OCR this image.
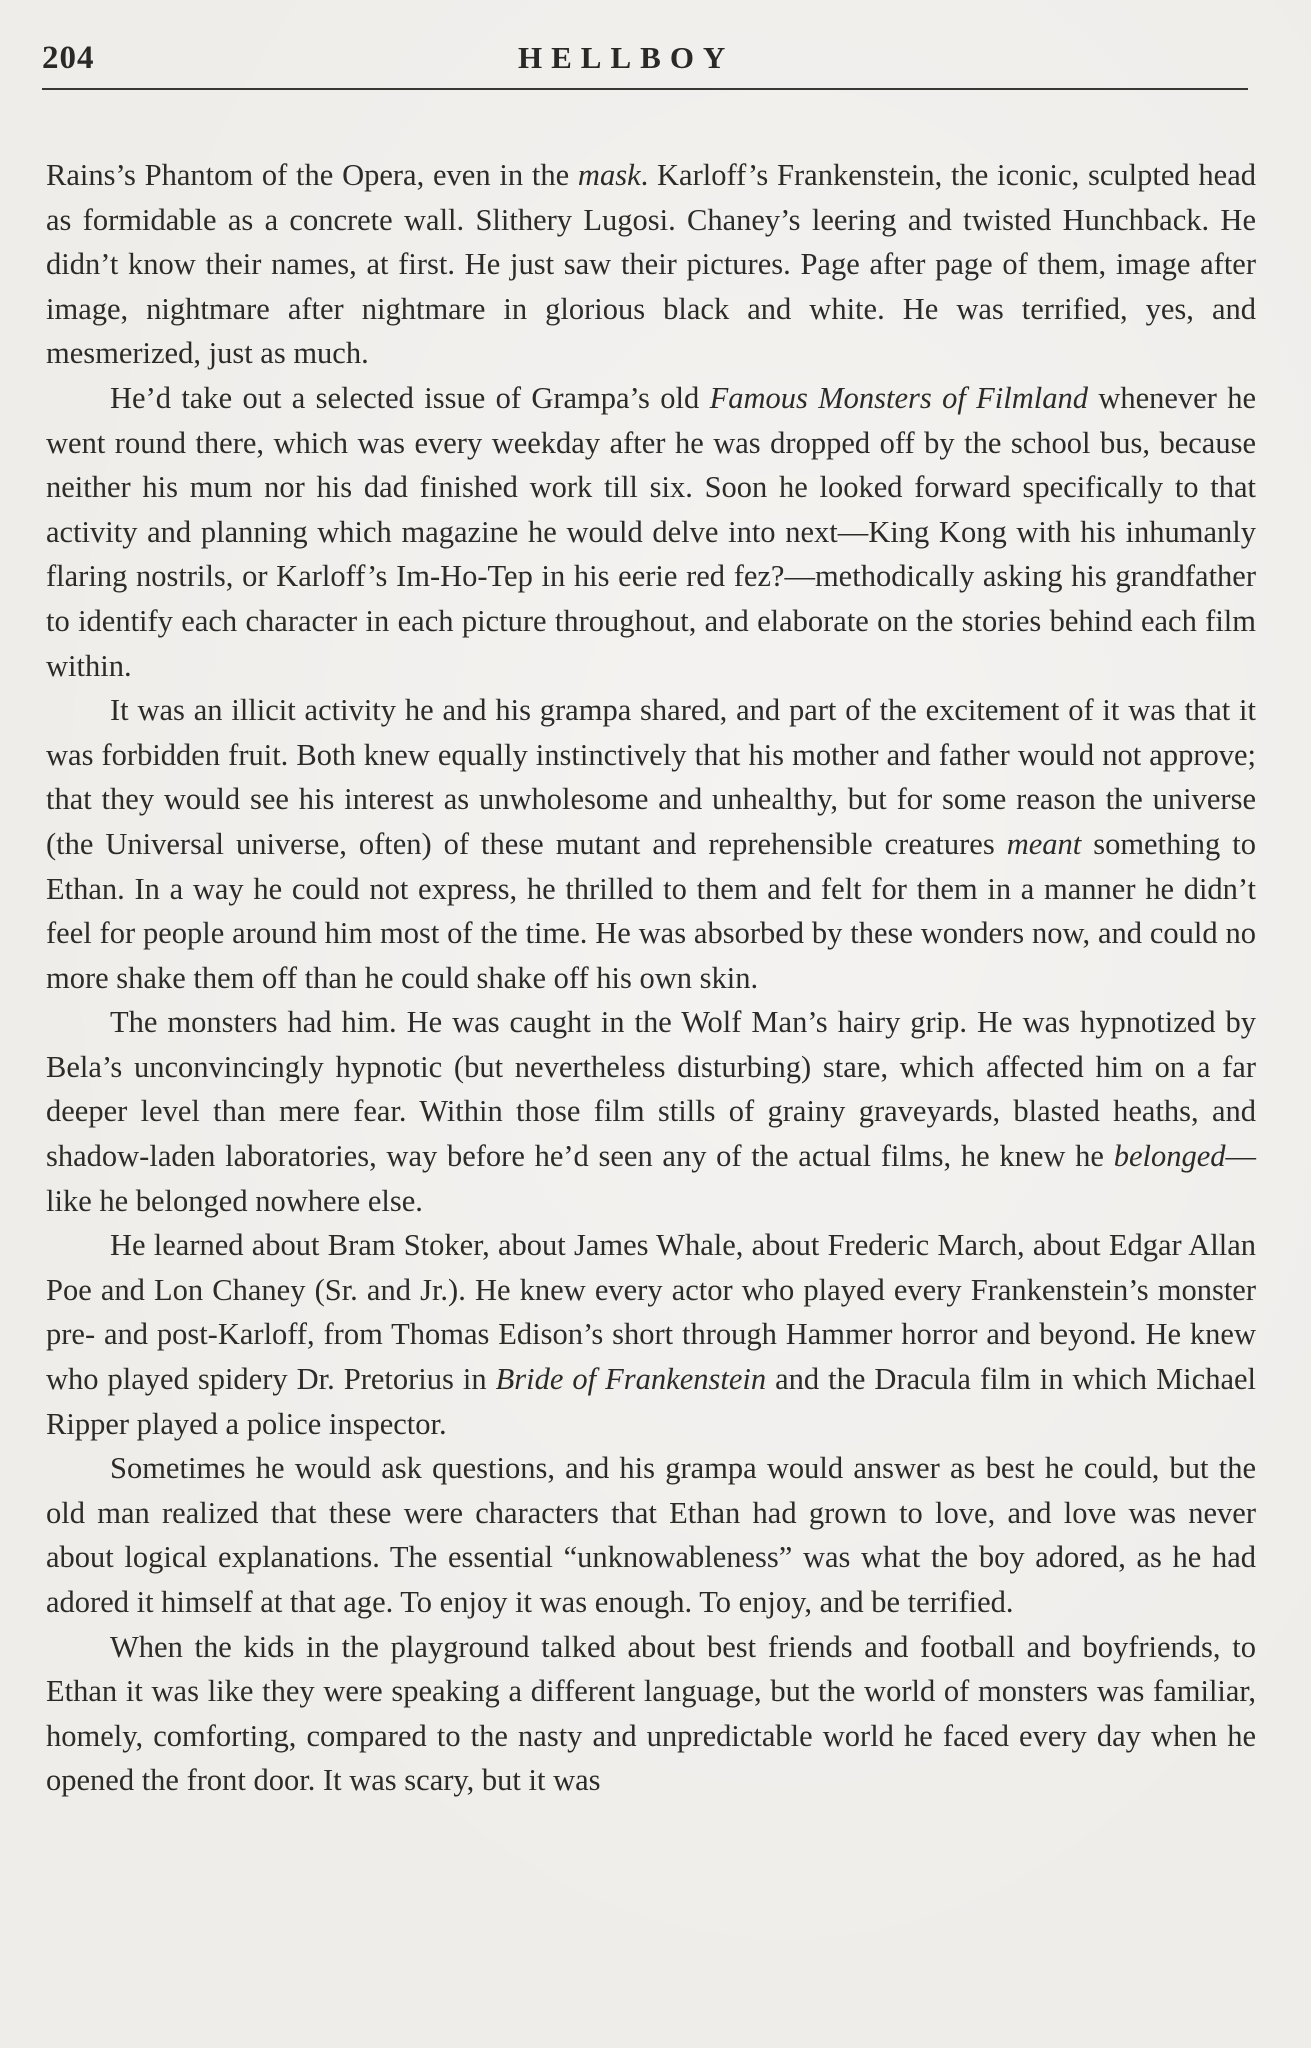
204	HELLBOY

Rains’s Phantom of the Opera, even in the mask. Karloff’s Frankenstein, the iconic, sculpted head as formidable as a concrete wall. Slithery Lugosi. Chaney’s leering and twisted Hunchback. He didn’t know their names, at first. He just saw their pictures. Page after page of them, image after image, nightmare after nightmare in glorious black and white. He was terrified, yes, and mesmerized, just as much.

He’d take out a selected issue of Grampa’s old Famous Monsters of Filmland whenever he went round there, which was every weekday after he was dropped off by the school bus, because neither his mum nor his dad finished work till six. Soon he looked forward specifically to that activity and planning which magazine he would delve into next—King Kong with his inhumanly flaring nostrils, or Karloff’s Im-Ho-Tep in his eerie red fez?—methodically asking his grandfather to identify each character in each picture throughout, and elaborate on the stories behind each film within.

It was an illicit activity he and his grampa shared, and part of the excitement of it was that it was forbidden fruit. Both knew equally instinctively that his mother and father would not approve; that they would see his interest as unwholesome and unhealthy, but for some reason the universe (the Universal universe, often) of these mutant and reprehensible creatures meant something to Ethan. In a way he could not express, he thrilled to them and felt for them in a manner he didn’t feel for people around him most of the time. He was absorbed by these wonders now, and could no more shake them off than he could shake off his own skin.

The monsters had him. He was caught in the Wolf Man’s hairy grip. He was hypnotized by Bela’s unconvincingly hypnotic (but nevertheless disturbing) stare, which affected him on a far deeper level than mere fear. Within those film stills of grainy graveyards, blasted heaths, and shadow-laden laboratories, way before he’d seen any of the actual films, he knew he belonged—like he belonged nowhere else.

He learned about Bram Stoker, about James Whale, about Frederic March, about Edgar Allan Poe and Lon Chaney (Sr. and Jr.). He knew every actor who played every Frankenstein’s monster pre- and post-Karloff, from Thomas Edison’s short through Hammer horror and beyond. He knew who played spidery Dr. Pretorius in Bride of Frankenstein and the Dracula film in which Michael Ripper played a police inspector.

Sometimes he would ask questions, and his grampa would answer as best he could, but the old man realized that these were characters that Ethan had grown to love, and love was never about logical explanations. The essential “unknowableness” was what the boy adored, as he had adored it himself at that age. To enjoy it was enough. To enjoy, and be terrified.

When the kids in the playground talked about best friends and football and boyfriends, to Ethan it was like they were speaking a different language, but the world of monsters was familiar, homely, comforting, compared to the nasty and unpredictable world he faced every day when he opened the front door. It was scary, but it was
